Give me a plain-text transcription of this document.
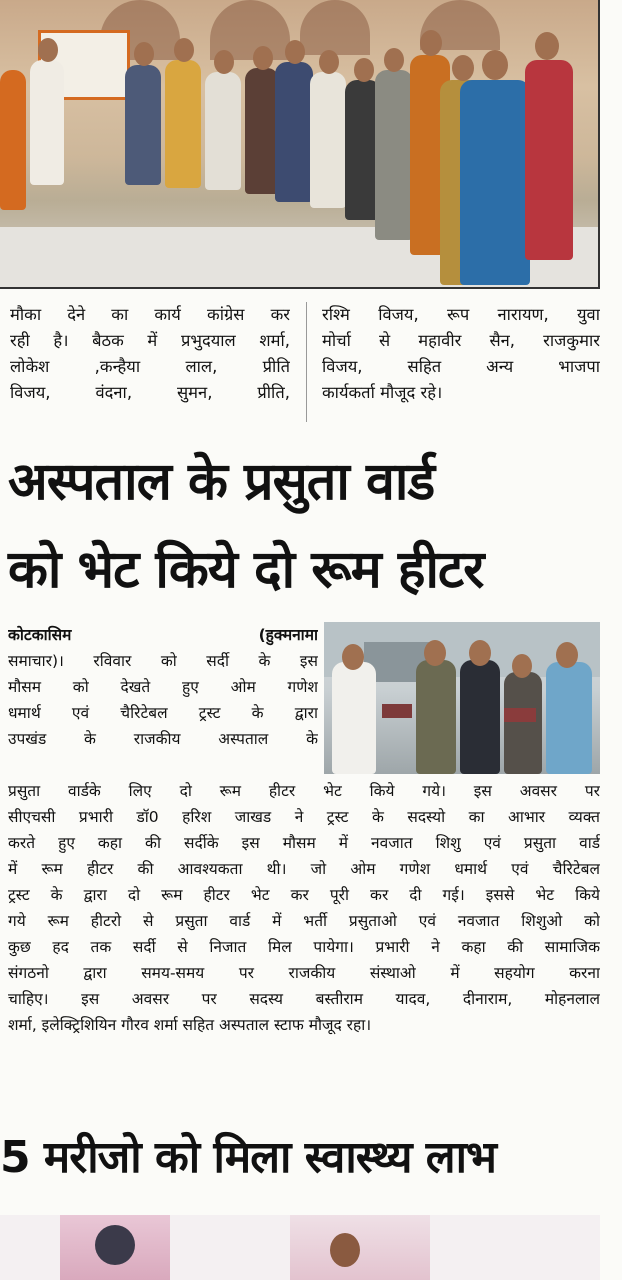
मौका देने का कार्य कांग्रेस कर
रही है। बैठक में प्रभुदयाल शर्मा,
लोकेश ,कन्हैया लाल, प्रीति
विजय, वंदना, सुमन, प्रीति,
रश्मि विजय, रूप नारायण, युवा
मोर्चा से महावीर सैन, राजकुमार
विजय, सहित अन्य भाजपा
कार्यकर्ता मौजूद रहे।
अस्पताल के प्रसुता वार्ड
को भेट किये दो रूम हीटर
कोटकासिम (हुक्मनामा
समाचार)। रविवार को सर्दी के इस
मौसम को देखते हुए ओम गणेश
धमार्थ एवं चैरिटेबल ट्रस्ट के द्वारा
उपखंड के राजकीय अस्पताल के
प्रसुता वार्डके लिए दो रूम हीटर भेट किये गये। इस अवसर पर
सीएचसी प्रभारी डॉ0 हरिश जाखड ने ट्रस्ट के सदस्यो का आभार व्यक्त
करते हुए कहा की सर्दीके इस मौसम में नवजात शिशु एवं प्रसुता वार्ड
में रूम हीटर की आवश्यकता थी। जो ओम गणेश धमार्थ एवं चैरिटेबल
ट्रस्ट के द्वारा दो रूम हीटर भेट कर पूरी कर दी गई। इससे भेट किये
गये रूम हीटरो से प्रसुता वार्ड में भर्ती प्रसुताओ एवं नवजात शिशुओ को
कुछ हद तक सर्दी से निजात मिल पायेगा। प्रभारी ने कहा की सामाजिक
संगठनो द्वारा समय-समय पर राजकीय संस्थाओ में सहयोग करना
चाहिए। इस अवसर पर सदस्य बस्तीराम यादव, दीनाराम, मोहनलाल
शर्मा, इलेक्ट्रिशियिन गौरव शर्मा सहित अस्पताल स्टाफ मौजूद रहा।
5 मरीजो को मिला स्वास्थ्य लाभ
